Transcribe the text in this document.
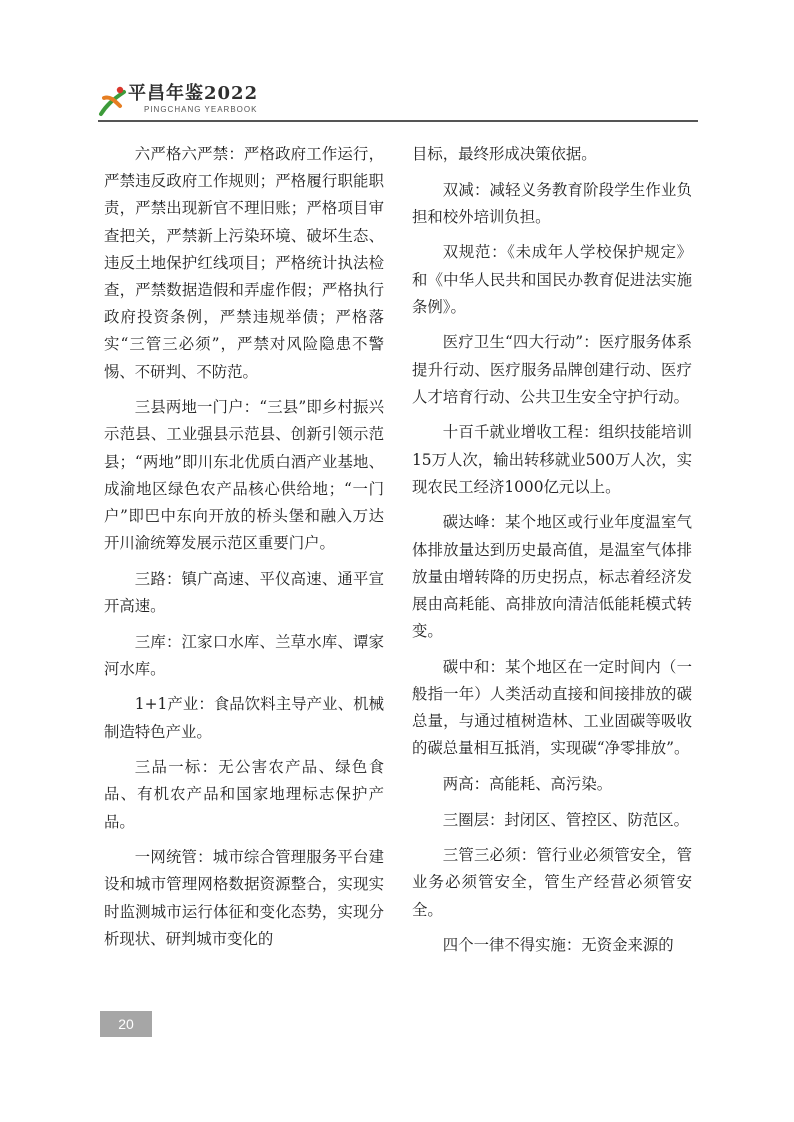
平昌年鉴2022
PINGCHANG YEARBOOK

六严格六严禁：严格政府工作运行，严禁违反政府工作规则；严格履行职能职责，严禁出现新官不理旧账；严格项目审查把关，严禁新上污染环境、破坏生态、违反土地保护红线项目；严格统计执法检查，严禁数据造假和弄虚作假；严格执行政府投资条例，严禁违规举债；严格落实“三管三必须”，严禁对风险隐患不警惕、不研判、不防范。

三县两地一门户：“三县”即乡村振兴示范县、工业强县示范县、创新引领示范县；“两地”即川东北优质白酒产业基地、成渝地区绿色农产品核心供给地；“一门户”即巴中东向开放的桥头堡和融入万达开川渝统筹发展示范区重要门户。

三路：镇广高速、平仪高速、通平宣开高速。

三库：江家口水库、兰草水库、谭家河水库。

1+1产业：食品饮料主导产业、机械制造特色产业。

三品一标：无公害农产品、绿色食品、有机农产品和国家地理标志保护产品。

一网统管：城市综合管理服务平台建设和城市管理网格数据资源整合，实现实时监测城市运行体征和变化态势，实现分析现状、研判城市变化的

目标，最终形成决策依据。

双减：减轻义务教育阶段学生作业负担和校外培训负担。

双规范：《未成年人学校保护规定》和《中华人民共和国民办教育促进法实施条例》。

医疗卫生“四大行动”：医疗服务体系提升行动、医疗服务品牌创建行动、医疗人才培育行动、公共卫生安全守护行动。

十百千就业增收工程：组织技能培训15万人次，输出转移就业500万人次，实现农民工经济1000亿元以上。

碳达峰：某个地区或行业年度温室气体排放量达到历史最高值，是温室气体排放量由增转降的历史拐点，标志着经济发展由高耗能、高排放向清洁低能耗模式转变。

碳中和：某个地区在一定时间内（一般指一年）人类活动直接和间接排放的碳总量，与通过植树造林、工业固碳等吸收的碳总量相互抵消，实现碳“净零排放”。

两高：高能耗、高污染。

三圈层：封闭区、管控区、防范区。

三管三必须：管行业必须管安全，管业务必须管安全，管生产经营必须管安全。

四个一律不得实施：无资金来源的

20
